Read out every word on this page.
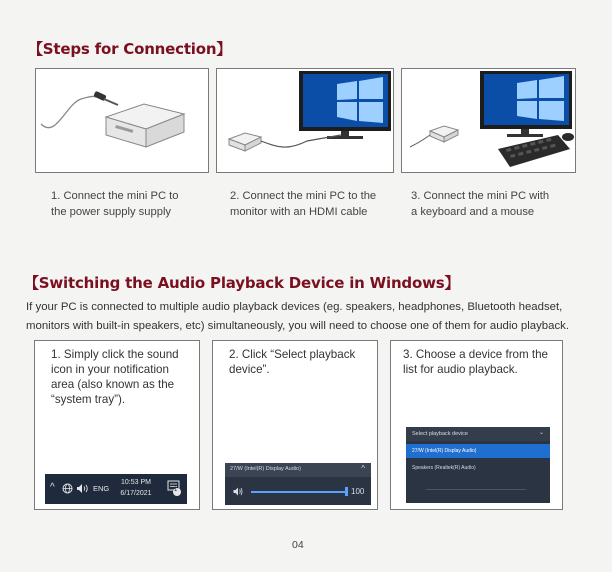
【Steps for Connection】
1. Connect the mini PC to
the power supply supply
2. Connect the mini PC to the
monitor with an HDMI cable
3. Connect the mini PC with
a keyboard and a mouse
【Switching the Audio Playback Device in Windows】
If your PC is connected to multiple audio playback devices (eg. speakers, headphones, Bluetooth headset,
monitors with built-in speakers, etc) simultaneously, you will need to choose one of them for audio playback.
1. Simply click the sound
icon in your notification
area (also known as the
“system tray”).
^	ENG
10:53 PM
6/17/2021	1
2. Click “Select playback
device”.
27/W (Intel(R) Display Audio)	^
100
3. Choose a device from the
list for audio playback.
Select playback device	⌄
27/W (Intel(R) Display Audio)
Speakers (Realtek(R) Audio)
04
